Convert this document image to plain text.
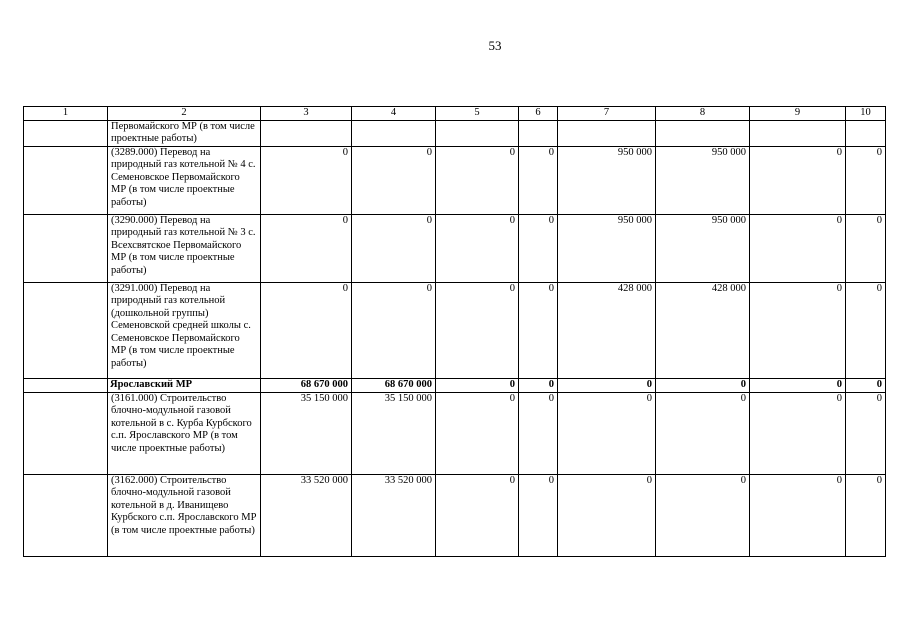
53
1	2	3	4	5	6	7	8	9	10
	Первомайского МР (в том числе проектные работы)								
	(3289.000) Перевод на природный газ котельной № 4 с. Семеновское Первомайского МР (в том числе проектные работы)	0	0	0	0	950 000	950 000	0	0
	(3290.000) Перевод на природный газ котельной № 3 с. Всехсвятское Первомайского МР (в том числе проектные работы)	0	0	0	0	950 000	950 000	0	0
	(3291.000) Перевод на природный газ котельной (дошкольной группы) Семеновской средней школы с. Семеновское Первомайского МР (в том числе проектные работы)	0	0	0	0	428 000	428 000	0	0
	Ярославский МР	68 670 000	68 670 000	0	0	0	0	0	0
	(3161.000) Строительство блочно-модульной газовой котельной в с. Курба Курбского с.п. Ярославского МР (в том числе проектные работы)	35 150 000	35 150 000	0	0	0	0	0	0
	(3162.000) Строительство блочно-модульной газовой котельной в д. Иванищево Курбского с.п. Ярославского МР (в том числе проектные работы)	33 520 000	33 520 000	0	0	0	0	0	0
